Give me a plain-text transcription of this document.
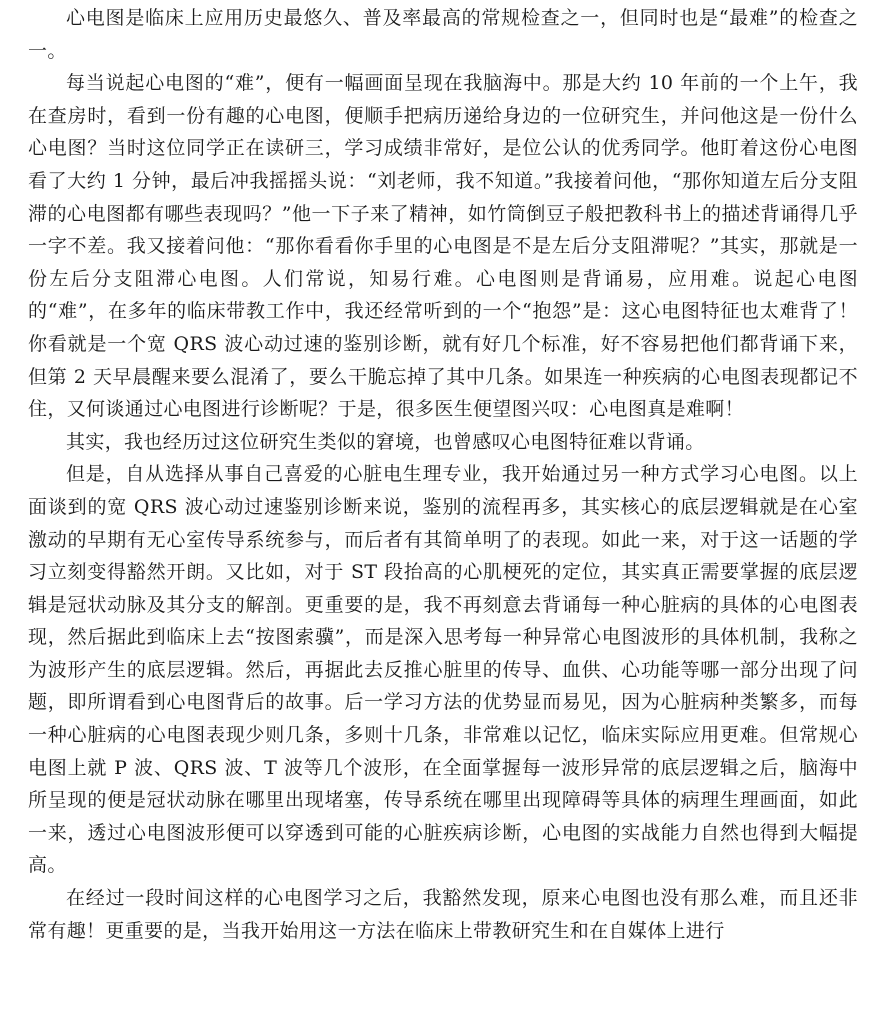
心电图是临床上应用历史最悠久、普及率最高的常规检查之一，但同时也是“最难”的检查之一。

每当说起心电图的“难”，便有一幅画面呈现在我脑海中。那是大约 10 年前的一个上午，我在查房时，看到一份有趣的心电图，便顺手把病历递给身边的一位研究生，并问他这是一份什么心电图？当时这位同学正在读研三，学习成绩非常好，是位公认的优秀同学。他盯着这份心电图看了大约 1 分钟，最后冲我摇摇头说：“刘老师，我不知道。”我接着问他，“那你知道左后分支阻滞的心电图都有哪些表现吗？”他一下子来了精神，如竹筒倒豆子般把教科书上的描述背诵得几乎一字不差。我又接着问他：“那你看看你手里的心电图是不是左后分支阻滞呢？”其实，那就是一份左后分支阻滞心电图。人们常说，知易行难。心电图则是背诵易，应用难。说起心电图的“难”，在多年的临床带教工作中，我还经常听到的一个“抱怨”是：这心电图特征也太难背了！你看就是一个宽 QRS 波心动过速的鉴别诊断，就有好几个标准，好不容易把他们都背诵下来，但第 2 天早晨醒来要么混淆了，要么干脆忘掉了其中几条。如果连一种疾病的心电图表现都记不住，又何谈通过心电图进行诊断呢？于是，很多医生便望图兴叹：心电图真是难啊！

其实，我也经历过这位研究生类似的窘境，也曾感叹心电图特征难以背诵。

但是，自从选择从事自己喜爱的心脏电生理专业，我开始通过另一种方式学习心电图。以上面谈到的宽 QRS 波心动过速鉴别诊断来说，鉴别的流程再多，其实核心的底层逻辑就是在心室激动的早期有无心室传导系统参与，而后者有其简单明了的表现。如此一来，对于这一话题的学习立刻变得豁然开朗。又比如，对于 ST 段抬高的心肌梗死的定位，其实真正需要掌握的底层逻辑是冠状动脉及其分支的解剖。更重要的是，我不再刻意去背诵每一种心脏病的具体的心电图表现，然后据此到临床上去“按图索骥”，而是深入思考每一种异常心电图波形的具体机制，我称之为波形产生的底层逻辑。然后，再据此去反推心脏里的传导、血供、心功能等哪一部分出现了问题，即所谓看到心电图背后的故事。后一学习方法的优势显而易见，因为心脏病种类繁多，而每一种心脏病的心电图表现少则几条，多则十几条，非常难以记忆，临床实际应用更难。但常规心电图上就 P 波、QRS 波、T 波等几个波形，在全面掌握每一波形异常的底层逻辑之后，脑海中所呈现的便是冠状动脉在哪里出现堵塞，传导系统在哪里出现障碍等具体的病理生理画面，如此一来，透过心电图波形便可以穿透到可能的心脏疾病诊断，心电图的实战能力自然也得到大幅提高。

在经过一段时间这样的心电图学习之后，我豁然发现，原来心电图也没有那么难，而且还非常有趣！更重要的是，当我开始用这一方法在临床上带教研究生和在自媒体上进行
